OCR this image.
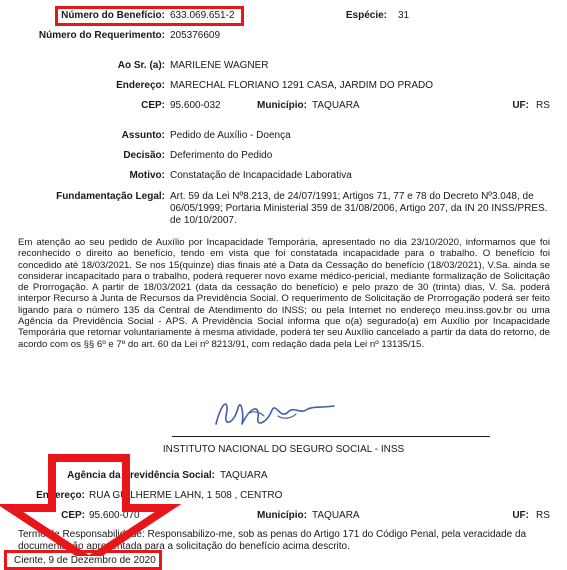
Número do Benefício: 633.069.651-2	Espécie: 31
Número do Requerimento: 205376609
Ao Sr. (a): MARILENE WAGNER
Endereço: MARECHAL FLORIANO 1291 CASA, JARDIM DO PRADO
CEP: 95.600-032	Município: TAQUARA	UF: RS
Assunto: Pedido de Auxílio - Doença
Decisão: Deferimento do Pedido
Motivo: Constatação de Incapacidade Laborativa
Fundamentação Legal: Art. 59 da Lei Nº8.213, de 24/07/1991; Artigos 71, 77 e 78 do Decreto Nº3.048, de
06/05/1999; Portaria Ministerial 359 de 31/08/2006, Artigo 207, da IN 20 INSS/PRES.
de 10/10/2007.
Em atenção ao seu pedido de Auxílio por Incapacidade Temporária, apresentado no dia 23/10/2020, informamos que foi reconhecido o direito ao benefício, tendo em vista que foi constatada incapacidade para o trabalho. O benefício foi concedido até 18/03/2021. Se nos 15(quinze) dias finais até a Data da Cessação do benefício (18/03/2021), V.Sa. ainda se considerar incapacitado para o trabalho, poderá requerer novo exame médico-pericial, mediante formalização de Solicitação de Prorrogação. A partir de 18/03/2021 (data da cessação do benefício) e pelo prazo de 30 (trinta) dias, V. Sa. poderá interpor Recurso à Junta de Recursos da Previdência Social. O requerimento de Solicitação de Prorrogação poderá ser feito ligando para o número 135 da Central de Atendimento do INSS; ou pela Internet no endereço meu.inss.gov.br ou uma Agência da Previdência Social - APS. A Previdência Social informa que o(a) segurado(a) em Auxílio por Incapacidade Temporária que retornar voluntariamente à mesma atividade, poderá ter seu Auxílio cancelado a partir da data do retorno, de acordo com os §§ 6º e 7º do art. 60 da Lei nº 8213/91, com redação dada pela Lei nº 13135/15.
INSTITUTO NACIONAL DO SEGURO SOCIAL - INSS
Agência da Previdência Social: TAQUARA
Endereço: RUA GUILHERME LAHN, 1 508 , CENTRO
CEP: 95.600-070	Município: TAQUARA	UF: RS
Termo de Responsabilidade: Responsabilizo-me, sob as penas do Artigo 171 do Código Penal, pela veracidade da
documentação apresentada para a solicitação do benefício acima descrito.
Ciente, 9 de Dezembro de 2020
